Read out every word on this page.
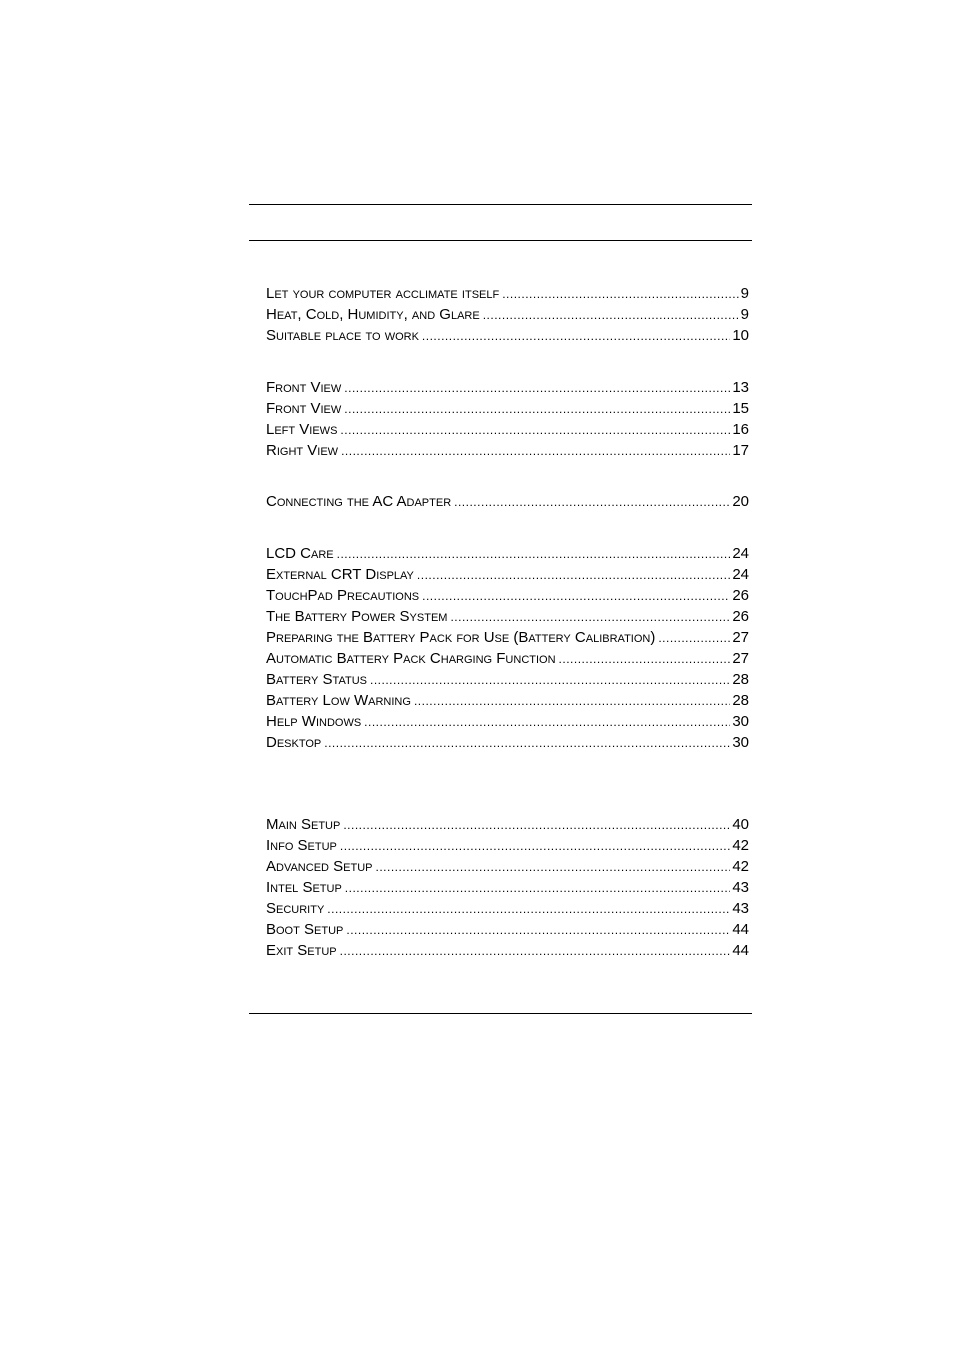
Let your computer acclimate itself .....	9
Heat, Cold, Humidity, and Glare .....	9
Suitable place to work .....	10
Front View .....	13
Front View .....	15
Left Views .....	16
Right View .....	17
Connecting the AC Adapter .....	20
LCD Care .....	24
External CRT Display .....	24
TouchPad Precautions .....	26
The Battery Power System .....	26
Preparing the Battery Pack for Use (Battery Calibration) .....	27
Automatic Battery Pack Charging Function .....	27
Battery Status .....	28
Battery Low Warning .....	28
Help Windows .....	30
Desktop .....	30
Main Setup .....	40
Info Setup .....	42
Advanced Setup .....	42
Intel Setup .....	43
Security .....	43
Boot Setup .....	44
Exit Setup .....	44
